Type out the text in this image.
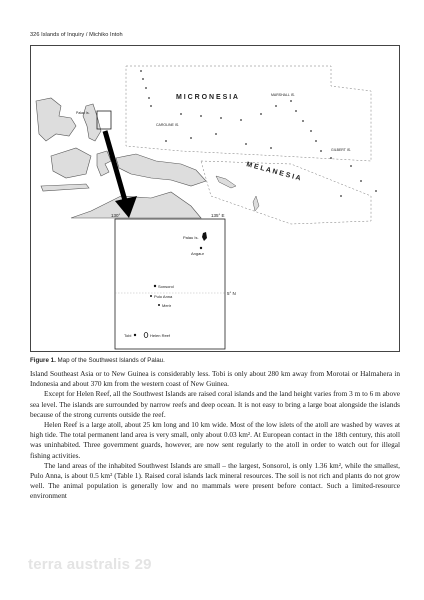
326 Islands of Inquiry / Michiko Intoh
M I C R O N E S I A
M E L A N E S I A
MARSHALL IS.
GILBERT IS.
CAROLINE IS.
Palau Is.
130°	135° E
5° N
Palau Is.
Angaur
Sonsorol
Pulo Anna
Merir
Tobi	Helen Reef
Figure 1. Map of the Southwest Islands of Palau.

Island Southeast Asia or to New Guinea is considerably less. Tobi is only about 280 km away from Morotai or Halmahera in Indonesia and about 370 km from the western coast of New Guinea.

Except for Helen Reef, all the Southwest Islands are raised coral islands and the land height varies from 3 m to 6 m above sea level. The islands are surrounded by narrow reefs and deep ocean. It is not easy to bring a large boat alongside the islands because of the strong currents outside the reef.

Helen Reef is a large atoll, about 25 km long and 10 km wide. Most of the low islets of the atoll are washed by waves at high tide. The total permanent land area is very small, only about 0.03 km². At European contact in the 18th century, this atoll was uninhabited. Three government guards, however, are now sent regularly to the atoll in order to watch out for illegal fishing activities.

The land areas of the inhabited Southwest Islands are small – the largest, Sonsorol, is only 1.36 km², while the smallest, Pulo Anna, is about 0.5 km² (Table 1). Raised coral islands lack mineral resources. The soil is not rich and plants do not grow well. The animal population is generally low and no mammals were present before contact. Such a limited-resource environment

terra australis 29
